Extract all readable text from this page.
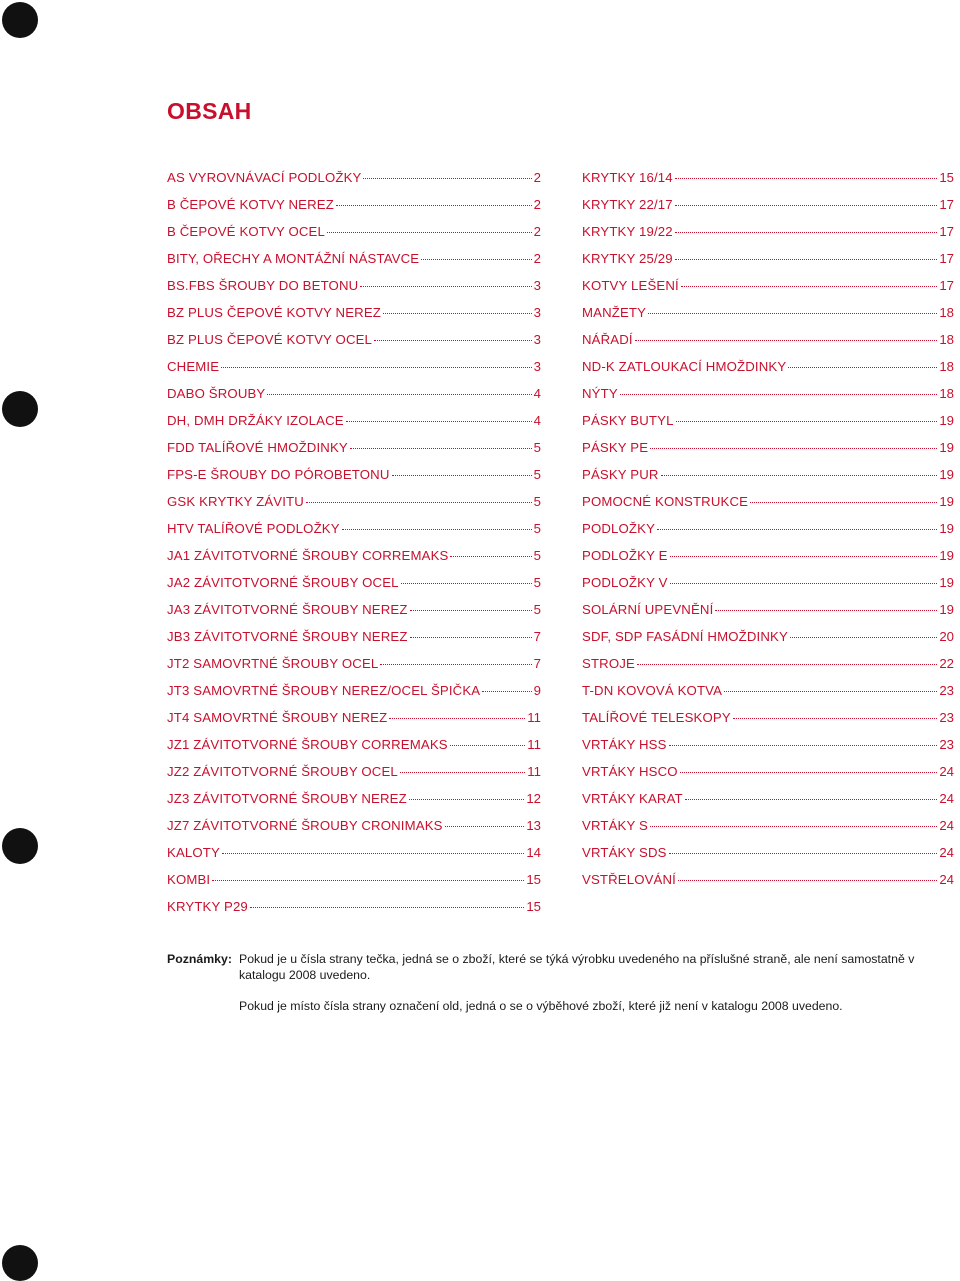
OBSAH
AS VYROVNÁVACÍ PODLOŽKY	2
B ČEPOVÉ KOTVY NEREZ	2
B ČEPOVÉ KOTVY OCEL	2
BITY, OŘECHY A MONTÁŽNÍ NÁSTAVCE	2
BS.FBS ŠROUBY DO BETONU	3
BZ PLUS ČEPOVÉ KOTVY NEREZ	3
BZ PLUS ČEPOVÉ KOTVY OCEL	3
CHEMIE	3
DABO ŠROUBY	4
DH, DMH DRŽÁKY IZOLACE	4
FDD TALÍŘOVÉ HMOŽDINKY	5
FPS-E ŠROUBY DO PÓROBETONU	5
GSK KRYTKY ZÁVITU	5
HTV TALÍŘOVÉ PODLOŽKY	5
JA1 ZÁVITOTVORNÉ ŠROUBY CORREMAKS	5
JA2 ZÁVITOTVORNÉ ŠROUBY OCEL	5
JA3 ZÁVITOTVORNÉ ŠROUBY NEREZ	5
JB3 ZÁVITOTVORNÉ ŠROUBY NEREZ	7
JT2 SAMOVRTNÉ ŠROUBY OCEL	7
JT3 SAMOVRTNÉ ŠROUBY NEREZ/OCEL ŠPIČKA	9
JT4 SAMOVRTNÉ ŠROUBY NEREZ	11
JZ1 ZÁVITOTVORNÉ ŠROUBY CORREMAKS	11
JZ2 ZÁVITOTVORNÉ ŠROUBY OCEL	11
JZ3 ZÁVITOTVORNÉ ŠROUBY NEREZ	12
JZ7 ZÁVITOTVORNÉ ŠROUBY CRONIMAKS	13
KALOTY	14
KOMBI	15
KRYTKY P29	15
KRYTKY 16/14	15
KRYTKY 22/17	17
KRYTKY 19/22	17
KRYTKY 25/29	17
KOTVY LEŠENÍ	17
MANŽETY	18
NÁŘADÍ	18
ND-K ZATLOUKACÍ HMOŽDINKY	18
NÝTY	18
PÁSKY BUTYL	19
PÁSKY PE	19
PÁSKY PUR	19
POMOCNÉ KONSTRUKCE	19
PODLOŽKY	19
PODLOŽKY E	19
PODLOŽKY V	19
SOLÁRNÍ UPEVNĚNÍ	19
SDF, SDP FASÁDNÍ HMOŽDINKY	20
STROJE	22
T-DN KOVOVÁ KOTVA	23
TALÍŘOVÉ TELESKOPY	23
VRTÁKY HSS	23
VRTÁKY HSCO	24
VRTÁKY KARAT	24
VRTÁKY S	24
VRTÁKY SDS	24
VSTŘELOVÁNÍ	24
Poznámky: Pokud je u čísla strany tečka, jedná se o zboží, které se týká výrobku uvedeného na příslušné straně, ale není samostatně v katalogu 2008 uvedeno.
Pokud je místo čísla strany označení old, jedná o se o výběhové zboží, které již není v katalogu 2008 uvedeno.
